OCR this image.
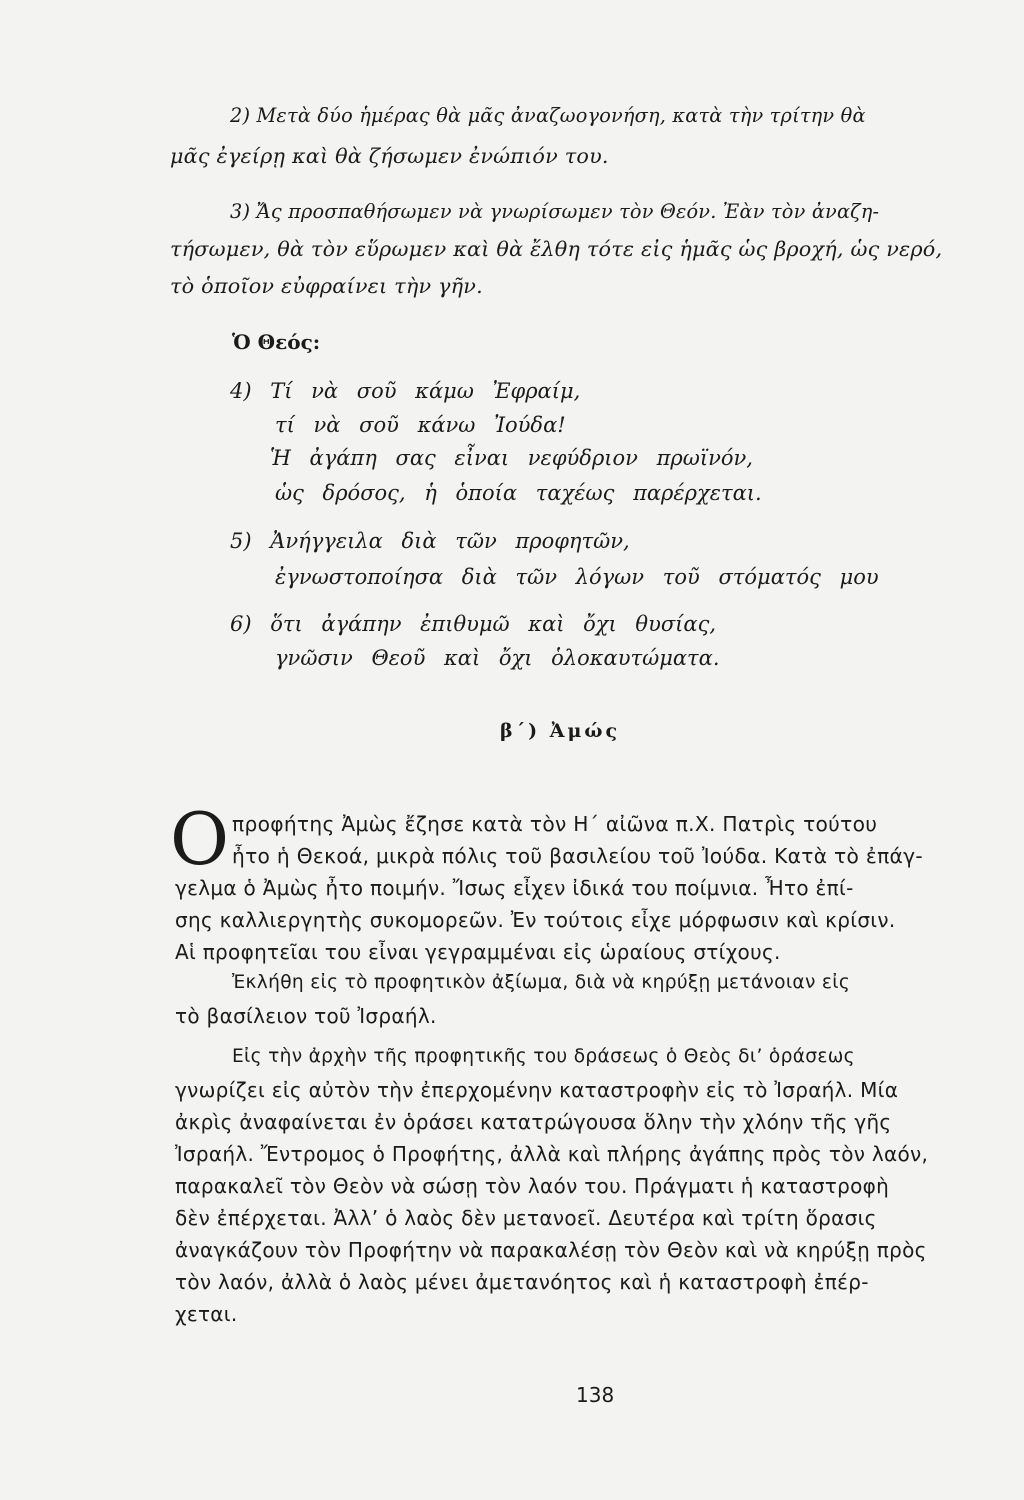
2) Μετὰ δύο ἡμέρας θὰ μᾶς ἀναζωογονήση, κατὰ τὴν τρίτην θὰ
μᾶς ἐγείρῃ καὶ θὰ ζήσωμεν ἐνώπιόν του.
3) Ἄς προσπαθήσωμεν νὰ γνωρίσωμεν τὸν Θεόν. Ἐὰν τὸν ἀναζη-
τήσωμεν, θὰ τὸν εὕρωμεν καὶ θὰ ἔλθη τότε εἰς ἡμᾶς ὡς βροχή, ὡς νερό,
τὸ ὁποῖον εὐφραίνει τὴν γῆν.
Ὁ Θεός:
4) Τί νὰ σοῦ κάμω Ἐφραίμ,
τί νὰ σοῦ κάνω Ἰούδα!
Ἡ ἀγάπη σας εἶναι νεφύδριον πρωϊνόν,
ὡς δρόσος, ἡ ὁποία ταχέως παρέρχεται.
5) Ἀνήγγειλα διὰ τῶν προφητῶν,
ἐγνωστοποίησα διὰ τῶν λόγων τοῦ στόματός μου
6) ὅτι ἀγάπην ἐπιθυμῶ καὶ ὄχι θυσίας,
γνῶσιν Θεοῦ καὶ ὄχι ὁλοκαυτώματα.
β΄) Ἀμώς
Ο προφήτης Ἀμὼς ἔζησε κατὰ τὸν Η΄ αἰῶνα π.Χ. Πατρὶς τούτου
ἦτο ἡ Θεκοά, μικρὰ πόλις τοῦ βασιλείου τοῦ Ἰούδα. Κατὰ τὸ ἐπάγ-
γελμα ὁ Ἀμὼς ἦτο ποιμήν. Ἴσως εἶχεν ἰδικά του ποίμνια. Ἦτο ἐπί-
σης καλλιεργητὴς συκομορεῶν. Ἐν τούτοις εἶχε μόρφωσιν καὶ κρίσιν.
Αἱ προφητεῖαι του εἶναι γεγραμμέναι εἰς ὡραίους στίχους.
Ἐκλήθη εἰς τὸ προφητικὸν ἀξίωμα, διὰ νὰ κηρύξῃ μετάνοιαν εἰς
τὸ βασίλειον τοῦ Ἰσραήλ.
Εἰς τὴν ἀρχὴν τῆς προφητικῆς του δράσεως ὁ Θεὸς δι’ ὁράσεως
γνωρίζει εἰς αὐτὸν τὴν ἐπερχομένην καταστροφὴν εἰς τὸ Ἰσραήλ. Μία
ἀκρὶς ἀναφαίνεται ἐν ὁράσει κατατρώγουσα ὅλην τὴν χλόην τῆς γῆς
Ἰσραήλ. Ἔντρομος ὁ Προφήτης, ἀλλὰ καὶ πλήρης ἀγάπης πρὸς τὸν λαόν,
παρακαλεῖ τὸν Θεὸν νὰ σώσῃ τὸν λαόν του. Πράγματι ἡ καταστροφὴ
δὲν ἐπέρχεται. Ἀλλ’ ὁ λαὸς δὲν μετανοεῖ. Δευτέρα καὶ τρίτη ὅρασις
ἀναγκάζουν τὸν Προφήτην νὰ παρακαλέσῃ τὸν Θεὸν καὶ νὰ κηρύξῃ πρὸς
τὸν λαόν, ἀλλὰ ὁ λαὸς μένει ἀμετανόητος καὶ ἡ καταστροφὴ ἐπέρ-
χεται.
138
